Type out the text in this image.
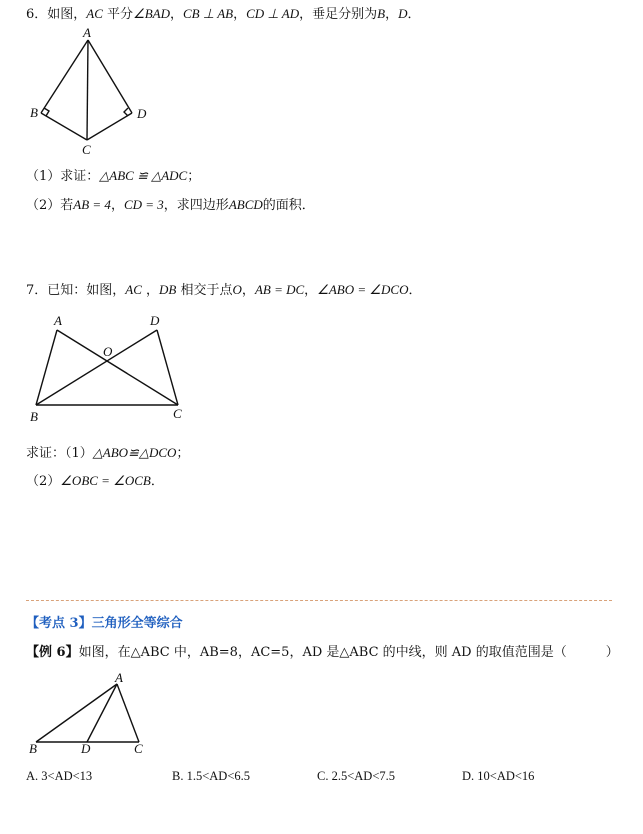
6．如图，AC 平分∠BAD，CB ⊥ AB，CD ⊥ AD，垂足分别为B，D．
A
B	D
C
（1）求证：△ABC ≌ △ADC；
（2）若AB = 4，CD = 3，求四边形ABCD的面积．
7．已知：如图，AC ，DB 相交于点O，AB = DC，∠ABO = ∠DCO．
A	D
O
B	C
求证：（1）△ABO≌△DCO；
（2）∠OBC = ∠OCB．
【考点 3】三角形全等综合
【例 6】如图，在△ABC 中，AB=8，AC=5，AD 是△ABC 的中线，则 AD 的取值范围是（　　　）
A
B	D	C
A. 3<AD<13	B. 1.5<AD<6.5	C. 2.5<AD<7.5	D. 10<AD<16
